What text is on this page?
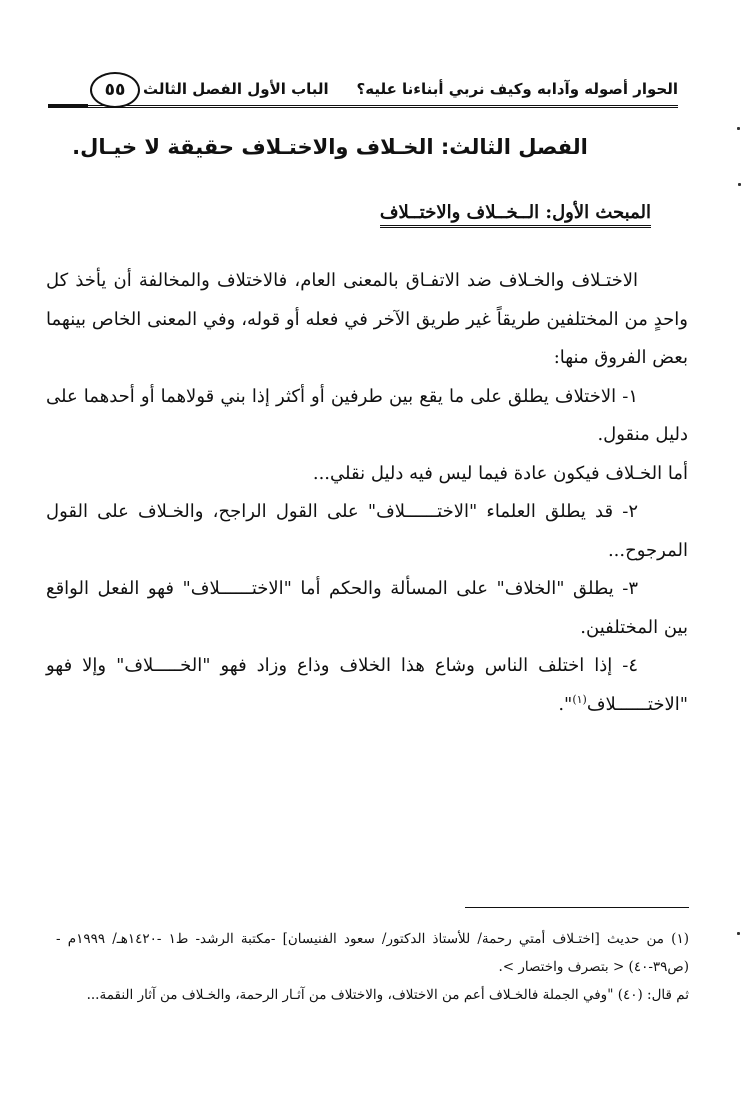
الحوار أصوله وآدابه وكيف نربي أبناءنا عليه؟
الباب الأول الفصل الثالث
٥٥
الفصل الثالث: الخـلاف والاختـلاف حقيقة لا خيـال.
المبحث الأول: الــخــلاف والاختــلاف

الاختـلاف والخـلاف ضد الاتفـاق بالمعنى العام، فالاختلاف والمخالفة أن يأخذ كل واحدٍ من المختلفين طريقاً غير طريق الآخر في فعله أو قوله، وفي المعنى الخاص بينهما بعض الفروق منها:

١- الاختلاف يطلق على ما يقع بين طرفين أو أكثر إذا بني قولاهما أو أحدهما على دليل منقول.

أما الخـلاف فيكون عادة فيما ليس فيه دليل نقلي...

٢- قد يطلق العلماء "الاختــــــلاف" على القول الراجح، والخـلاف على القول المرجوح...

٣- يطلق "الخلاف" على المسألة والحكم أما "الاختــــــلاف" فهو الفعل الواقع بين المختلفين.

٤- إذا اختلف الناس وشاع هذا الخلاف وذاع وزاد فهو "الخـــــلاف" وإلا فهو "الاختــــــلاف$^{(١)}$".

(١) من حديث [اختـلاف أمتي رحمة/ للأستاذ الدكتور/ سعود الفنيسان] -مكتبة الرشد- ط١ -١٤٢٠هـ/ ١٩٩٩م -(ص٣٩-٤٠) < بتصرف واختصار >.

ثم قال: (٤٠) "وفي الجملة فالخـلاف أعم من الاختلاف، والاختلاف من آثـار الرحمة، والخـلاف من آثار النقمة...
